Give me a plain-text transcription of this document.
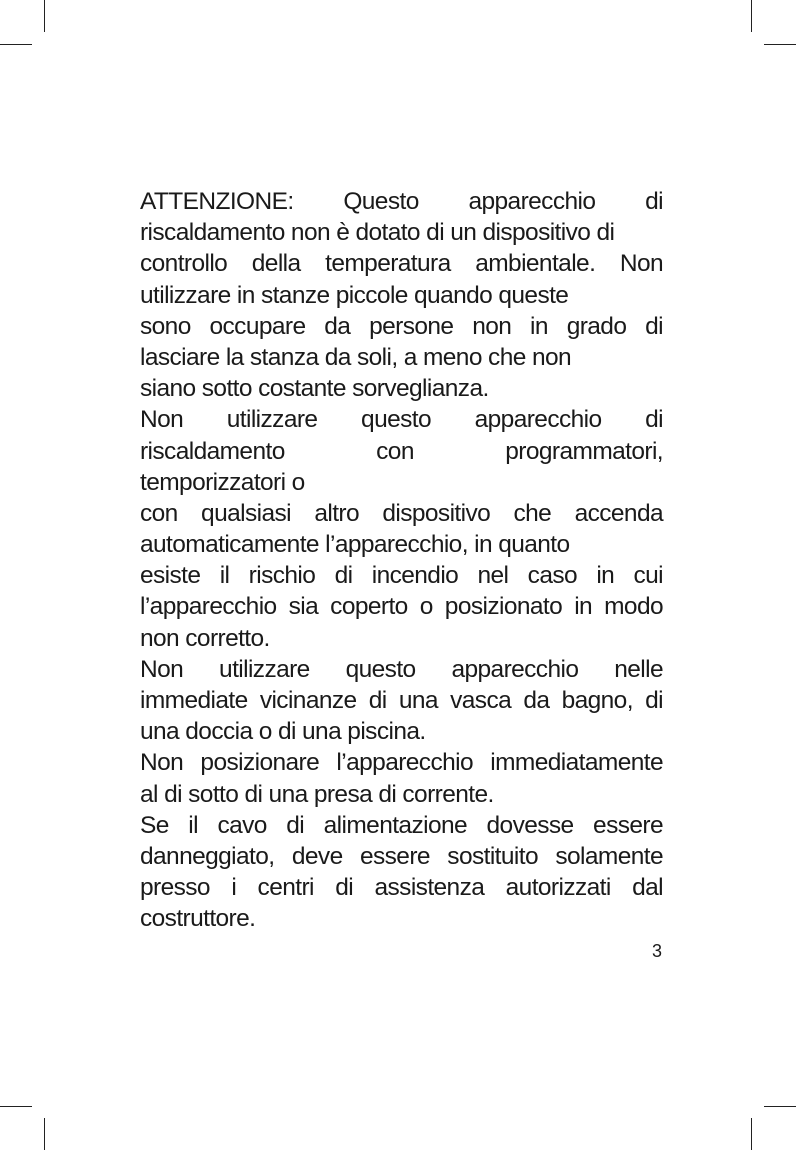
ATTENZIONE: Questo apparecchio di
riscaldamento non è dotato di un dispositivo di
controllo della temperatura ambientale. Non
utilizzare in stanze piccole quando queste
sono occupare da persone non in grado di
lasciare la stanza da soli, a meno che non
siano sotto costante sorveglianza.
Non utilizzare questo apparecchio di
riscaldamento con programmatori,
temporizzatori o
con qualsiasi altro dispositivo che accenda
automaticamente l’apparecchio, in quanto
esiste il rischio di incendio nel caso in cui
l’apparecchio sia coperto o posizionato in modo
non corretto.
Non utilizzare questo apparecchio nelle
immediate vicinanze di una vasca da bagno, di
una doccia o di una piscina.
Non posizionare l’apparecchio immediatamente
al di sotto di una presa di corrente.
Se il cavo di alimentazione dovesse essere
danneggiato, deve essere sostituito solamente
presso i centri di assistenza autorizzati dal
costruttore.
3
